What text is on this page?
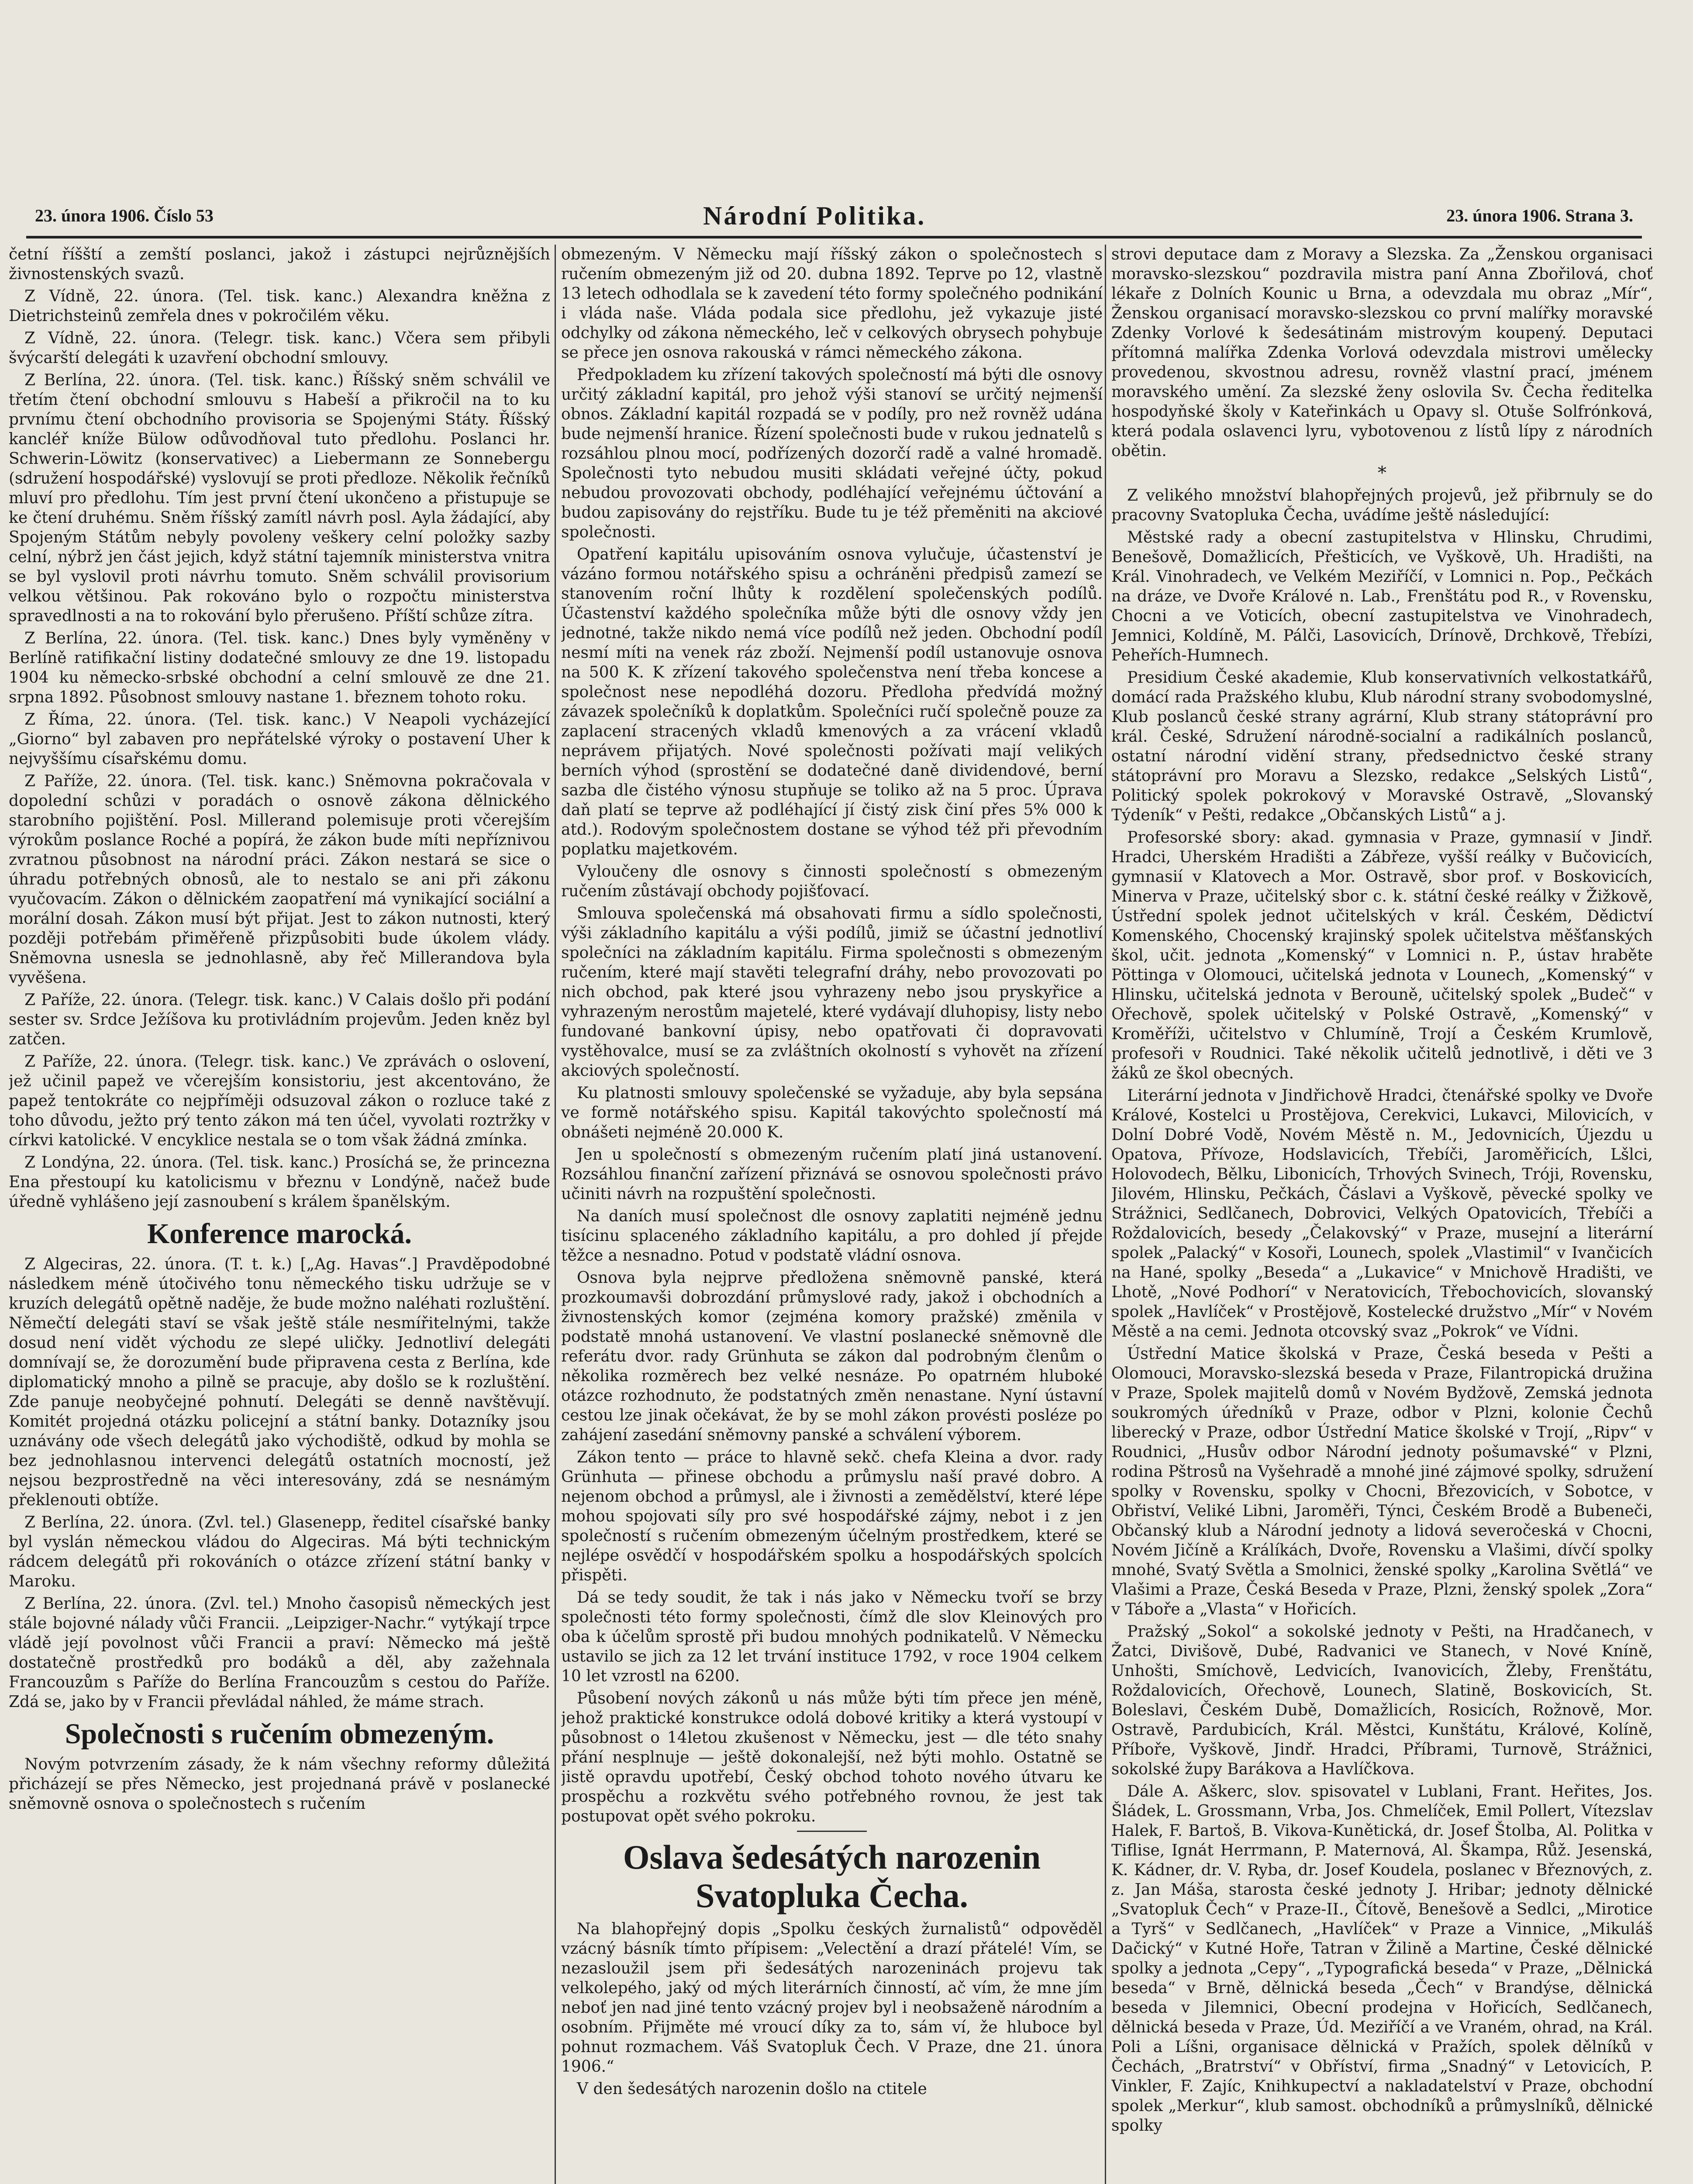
23. února 1906. Číslo 53	Národní Politika.	23. února 1906. Strana 3.

četní říšští a zemští poslanci, jakož i zástupci nejrůznějších živnostenských svazů.

Z Vídně, 22. února. (Tel. tisk. kanc.) Alexandra kněžna z Dietrichsteinů zemřela dnes v pokročilém věku.

Z Vídně, 22. února. (Telegr. tisk. kanc.) Včera sem přibyli švýcarští delegáti k uzavření obchodní smlouvy.

Z Berlína, 22. února. (Tel. tisk. kanc.) Říšský sněm schválil ve třetím čtení obchodní smlouvu s Habeší a přikročil na to ku prvnímu čtení obchodního provisoria se Spojenými Státy. Říšský kancléř kníže Bülow odůvodňoval tuto předlohu. Poslanci hr. Schwerin-Löwitz (konservativec) a Liebermann ze Sonnebergu (sdružení hospodářské) vyslovují se proti předloze. Několik řečníků mluví pro předlohu. Tím jest první čtení ukončeno a přistupuje se ke čtení druhému. Sněm říšský zamítl návrh posl. Ayla žádající, aby Spojeným Státům nebyly povoleny veškery celní položky sazby celní, nýbrž jen část jejich, když státní tajemník ministerstva vnitra se byl vyslovil proti návrhu tomuto. Sněm schválil provisorium velkou většinou. Pak rokováno bylo o rozpočtu ministerstva spravedlnosti a na to rokování bylo přerušeno. Příští schůze zítra.

Z Berlína, 22. února. (Tel. tisk. kanc.) Dnes byly vyměněny v Berlíně ratifikační listiny dodatečné smlouvy ze dne 19. listopadu 1904 ku německo-srbské obchodní a celní smlouvě ze dne 21. srpna 1892. Působnost smlouvy nastane 1. březnem tohoto roku.

Z Říma, 22. února. (Tel. tisk. kanc.) V Neapoli vycházející „Giorno“ byl zabaven pro nepřátelské výroky o postavení Uher k nejvyššímu císařskému domu.

Z Paříže, 22. února. (Tel. tisk. kanc.) Sněmovna pokračovala v dopolední schůzi v poradách o osnově zákona dělnického starobního pojištění. Posl. Millerand polemisuje proti včerejším výrokům poslance Roché a popírá, že zákon bude míti nepříznivou zvratnou působnost na národní práci. Zákon nestará se sice o úhradu potřebných obnosů, ale to nestalo se ani při zákonu vyučovacím. Zákon o dělnickém zaopatření má vynikající sociální a morální dosah. Zákon musí být přijat. Jest to zákon nutnosti, který později potřebám přiměřeně přizpůsobiti bude úkolem vlády. Sněmovna usnesla se jednohlasně, aby řeč Millerandova byla vyvěšena.

Z Paříže, 22. února. (Telegr. tisk. kanc.) V Calais došlo při podání sester sv. Srdce Ježíšova ku protivládním projevům. Jeden kněz byl zatčen.

Z Paříže, 22. února. (Telegr. tisk. kanc.) Ve zprávách o oslovení, jež učinil papež ve včerejším konsistoriu, jest akcentováno, že papež tentokráte co nejpříměji odsuzoval zákon o rozluce také z toho důvodu, ježto prý tento zákon má ten účel, vyvolati roztržky v církvi katolické. V encyklice nestala se o tom však žádná zmínka.

Z Londýna, 22. února. (Tel. tisk. kanc.) Prosíchá se, že princezna Ena přestoupí ku katolicismu v březnu v Londýně, načež bude úředně vyhlášeno její zasnoubení s králem španělským.

Konference marocká.

Z Algeciras, 22. února. (T. t. k.) [„Ag. Havas“.] Pravděpodobné následkem méně útočivého tonu německého tisku udržuje se v kruzích delegátů opětně naděje, že bude možno naléhati rozluštění. Němečtí delegáti staví se však ještě stále nesmířitelnými, takže dosud není vidět východu ze slepé uličky. Jednotliví delegáti domnívají se, že dorozumění bude připravena cesta z Berlína, kde diplomatický mnoho a pilně se pracuje, aby došlo se k rozluštění. Zde panuje neobyčejné pohnutí. Delegáti se denně navštěvují. Komitét projedná otázku policejní a státní banky. Dotazníky jsou uznávány ode všech delegátů jako východiště, odkud by mohla se bez jednohlasnou intervenci delegátů ostatních mocností, jež nejsou bezprostředně na věci interesovány, zdá se nesnámým překlenouti obtíže.

Z Berlína, 22. února. (Zvl. tel.) Glasenepp, ředitel císařské banky byl vyslán německou vládou do Algeciras. Má býti technickým rádcem delegátů při rokováních o otázce zřízení státní banky v Maroku.

Z Berlína, 22. února. (Zvl. tel.) Mnoho časopisů německých jest stále bojovné nálady vůči Francii. „Leipziger-Nachr.“ vytýkají trpce vládě její povolnost vůči Francii a praví: Německo má ještě dostatečně prostředků pro bodáků a děl, aby zažehnala Francouzům s Paříže do Berlína Francouzům s cestou do Paříže. Zdá se, jako by v Francii převládal náhled, že máme strach.

Společnosti s ručením obmezeným.

Novým potvrzením zásady, že k nám všechny reformy důležitá přicházejí se přes Německo, jest projednaná právě v poslanecké sněmovně osnova o společnostech s ručením

obmezeným. V Německu mají říšský zákon o společnostech s ručením obmezeným již od 20. dubna 1892. Teprve po 12, vlastně 13 letech odhodlala se k zavedení této formy společného podnikání i vláda naše. Vláda podala sice předlohu, jež vykazuje jisté odchylky od zákona německého, leč v celkových obrysech pohybuje se přece jen osnova rakouská v rámci německého zákona.

Předpokladem ku zřízení takových společností má býti dle osnovy určitý základní kapitál, pro jehož výši stanoví se určitý nejmenší obnos. Základní kapitál rozpadá se v podíly, pro než rovněž udána bude nejmenší hranice. Řízení společnosti bude v rukou jednatelů s rozsáhlou plnou mocí, podřízených dozorčí radě a valné hromadě. Společnosti tyto nebudou musiti skládati veřejné účty, pokud nebudou provozovati obchody, podléhající veřejnému účtování a budou zapisovány do rejstříku. Bude tu je též přeměniti na akciové společnosti.

Opatření kapitálu upisováním osnova vylučuje, účastenství je vázáno formou notářského spisu a ochráněni předpisů zamezí se stanovením roční lhůty k rozdělení společenských podílů. Účastenství každého společníka může býti dle osnovy vždy jen jednotné, takže nikdo nemá více podílů než jeden. Obchodní podíl nesmí míti na venek ráz zboží. Nejmenší podíl ustanovuje osnova na 500 K. K zřízení takového společenstva není třeba koncese a společnost nese nepodléhá dozoru. Předloha předvídá možný závazek společníků k doplatkům. Společníci ručí společně pouze za zaplacení stracených vkladů kmenových a za vrácení vkladů neprávem přijatých. Nové společnosti požívati mají velikých berních výhod (sprostění se dodatečné daně dividendové, berní sazba dle čistého výnosu stupňuje se toliko až na 5 proc. Úprava daň platí se teprve až podléhající jí čistý zisk činí přes 5% 000 k atd.). Rodovým společnostem dostane se výhod též při převodním poplatku majetkovém.

Vyloučeny dle osnovy s činnosti společností s obmezeným ručením zůstávají obchody pojišťovací.

Smlouva společenská má obsahovati firmu a sídlo společnosti, výši základního kapitálu a výši podílů, jimiž se účastní jednotliví společníci na základním kapitálu. Firma společnosti s obmezeným ručením, které mají stavěti telegrafní dráhy, nebo provozovati po nich obchod, pak které jsou vyhrazeny nebo jsou pryskyřice a vyhrazeným nerostům majetelé, které vydávají dluhopisy, listy nebo fundované bankovní úpisy, nebo opatřovati či dopravovati vystěhovalce, musí se za zvláštních okolností s vyhovět na zřízení akciových společností.

Ku platnosti smlouvy společenské se vyžaduje, aby byla sepsána ve formě notářského spisu. Kapitál takovýchto společností má obnášeti nejméně 20.000 K.

Jen u společností s obmezeným ručením platí jiná ustanovení. Rozsáhlou finanční zařízení přiznává se osnovou společnosti právo učiniti návrh na rozpuštění společnosti.

Na daních musí společnost dle osnovy zaplatiti nejméně jednu tisícinu splaceného základního kapitálu, a pro dohled jí přejde těžce a nesnadno. Potud v podstatě vládní osnova.

Osnova byla nejprve předložena sněmovně panské, která prozkoumavši dobrozdání průmyslové rady, jakož i obchodních a živnostenských komor (zejména komory pražské) změnila v podstatě mnohá ustanovení. Ve vlastní poslanecké sněmovně dle referátu dvor. rady Grünhuta se zákon dal podrobným členům o několika rozměrech bez velké nesnáze. Po opatrném hluboké otázce rozhodnuto, že podstatných změn nenastane. Nyní ústavní cestou lze jinak očekávat, že by se mohl zákon provésti posléze po zahájení zasedání sněmovny panské a schválení výborem.

Zákon tento — práce to hlavně sekč. chefa Kleina a dvor. rady Grünhuta — přinese obchodu a průmyslu naší pravé dobro. A nejenom obchod a průmysl, ale i živnosti a zemědělství, které lépe mohou spojovati síly pro své hospodářské zájmy, nebot i z jen společností s ručením obmezeným účelným prostředkem, které se nejlépe osvědčí v hospodářském spolku a hospodářských spolcích přispěti.

Dá se tedy soudit, že tak i nás jako v Německu tvoří se brzy společnosti této formy společnosti, čímž dle slov Kleinových pro oba k účelům sprostě při budou mnohých podnikatelů. V Německu ustavilo se jich za 12 let trvání instituce 1792, v roce 1904 celkem 10 let vzrostl na 6200.

Působení nových zákonů u nás může býti tím přece jen méně, jehož praktické konstrukce odolá dobové kritiky a která vystoupí v působnost o 14letou zkušenost v Německu, jest — dle této snahy přání nesplnuje — ještě dokonalejší, než býti mohlo. Ostatně se jistě opravdu upotřebí, Český obchod tohoto nového útvaru ke prospěchu a rozkvětu svého potřebného rovnou, že jest tak postupovat opět svého pokroku.

Oslava šedesátých narozenin Svatopluka Čecha.

Na blahopřejný dopis „Spolku českých žurnalistů“ odpověděl vzácný básník tímto přípisem: „Velectění a drazí přátelé! Vím, se nezasloužil jsem při šedesátých narozeninách projevu tak velkolepého, jaký od mých literárních činností, ač vím, že mne jím neboť jen nad jiné tento vzácný projev byl i neobsaženě národním a osobním. Přijměte mé vroucí díky za to, sám ví, že hluboce byl pohnut rozmachem. Váš Svatopluk Čech. V Praze, dne 21. února 1906.“

V den šedesátých narozenin došlo na ctitele

strovi deputace dam z Moravy a Slezska. Za „Ženskou organisaci moravsko-slezskou“ pozdravila mistra paní Anna Zbořilová, choť lékaře z Dolních Kounic u Brna, a odevzdala mu obraz „Mír“, Ženskou organisací moravsko-slezskou co první malířky moravské Zdenky Vorlové k šedesátinám mistrovým koupený. Deputaci přítomná malířka Zdenka Vorlová odevzdala mistrovi umělecky provedenou, skvostnou adresu, rovněž vlastní prací, jménem moravského umění. Za slezské ženy oslovila Sv. Čecha ředitelka hospodyňské školy v Kateřinkách u Opavy sl. Otuše Solfrónková, která podala oslavenci lyru, vybotovenou z lístů lípy z národních obětin.

*

Z velikého množství blahopřejných projevů, jež přibrnuly se do pracovny Svatopluka Čecha, uvádíme ještě následující:

Městské rady a obecní zastupitelstva v Hlinsku, Chrudimi, Benešově, Domažlicích, Přešticích, ve Vyškově, Uh. Hradišti, na Král. Vinohradech, ve Velkém Meziříčí, v Lomnici n. Pop., Pečkách na dráze, ve Dvoře Králové n. Lab., Frenštátu pod R., v Rovensku, Chocni a ve Voticích, obecní zastupitelstva ve Vinohradech, Jemnici, Koldíně, M. Pálči, Lasovicích, Drínově, Drchkově, Třebízi, Peheřích-Humnech.

Presidium České akademie, Klub konservativních velkostatkářů, domácí rada Pražského klubu, Klub národní strany svobodomyslné, Klub poslanců české strany agrární, Klub strany státoprávní pro král. České, Sdružení národně-socialní a radikálních poslanců, ostatní národní vidění strany, předsednictvo české strany státoprávní pro Moravu a Slezsko, redakce „Selských Listů“, Politický spolek pokrokový v Moravské Ostravě, „Slovanský Týdeník“ v Pešti, redakce „Občanských Listů“ a j.

Profesorské sbory: akad. gymnasia v Praze, gymnasií v Jindř. Hradci, Uherském Hradišti a Zábřeze, vyšší reálky v Bučovicích, gymnasií v Klatovech a Mor. Ostravě, sbor prof. v Boskovicích, Minerva v Praze, učitelský sbor c. k. státní české reálky v Žižkově, Ústřední spolek jednot učitelských v král. Českém, Dědictví Komenského, Chocenský krajinský spolek učitelstva měšťanských škol, učit. jednota „Komenský“ v Lomnici n. P., ústav hraběte Pöttinga v Olomouci, učitelská jednota v Lounech, „Komenský“ v Hlinsku, učitelská jednota v Berouně, učitelský spolek „Budeč“ v Ořechově, spolek učitelský v Polské Ostravě, „Komenský“ v Kroměříži, učitelstvo v Chlumíně, Trojí a Českém Krumlově, profesoři v Roudnici. Také několik učitelů jednotlivě, i děti ve 3 žáků ze škol obecných.

Literární jednota v Jindřichově Hradci, čtenářské spolky ve Dvoře Králové, Kostelci u Prostějova, Cerekvici, Lukavci, Milovicích, v Dolní Dobré Vodě, Novém Městě n. M., Jedovnicích, Újezdu u Opatova, Přívoze, Hodslavicích, Třebíči, Jaroměřicích, Lšlci, Holovodech, Bělku, Libonicích, Trhových Svinech, Tróji, Rovensku, Jilovém, Hlinsku, Pečkách, Čáslavi a Vyškově, pěvecké spolky ve Strážnici, Sedlčanech, Dobrovici, Velkých Opatovicích, Třebíči a Roždalovicích, besedy „Čelakovský“ v Praze, musejní a literární spolek „Palacký“ v Kosoři, Lounech, spolek „Vlastimil“ v Ivančicích na Hané, spolky „Beseda“ a „Lukavice“ v Mnichově Hradišti, ve Lhotě, „Nové Podhorí“ v Neratovicích, Třebochovicích, slovanský spolek „Havlíček“ v Prostějově, Kostelecké družstvo „Mír“ v Novém Městě a na cemi. Jednota otcovský svaz „Pokrok“ ve Vídni.

Ústřední Matice školská v Praze, Česká beseda v Pešti a Olomouci, Moravsko-slezská beseda v Praze, Filantropická družina v Praze, Spolek majitelů domů v Novém Bydžově, Zemská jednota soukromých úředníků v Praze, odbor v Plzni, kolonie Čechů liberecký v Praze, odbor Ústřední Matice školské v Trojí, „Ripv“ v Roudnici, „Husův odbor Národní jednoty pošumavské“ v Plzni, rodina Pštrosů na Vyšehradě a mnohé jiné zájmové spolky, sdružení spolky v Rovensku, spolky v Chocni, Březovicích, v Sobotce, v Obřiství, Veliké Libni, Jaroměři, Týnci, Českém Brodě a Bubeneči, Občanský klub a Národní jednoty a lidová severočeská v Chocni, Novém Jičíně a Králíkách, Dvoře, Rovensku a Vlašimi, dívčí spolky mnohé, Svatý Světla a Smolnici, ženské spolky „Karolina Světlá“ ve Vlašimi a Praze, Česká Beseda v Praze, Plzni, ženský spolek „Zora“ v Táboře a „Vlasta“ v Hořicích.

Pražský „Sokol“ a sokolské jednoty v Pešti, na Hradčanech, v Žatci, Divišově, Dubé, Radvanici ve Stanech, v Nové Kníně, Unhošti, Smíchově, Ledvicích, Ivanovicích, Žleby, Frenštátu, Roždalovicích, Ořechově, Lounech, Slatině, Boskovicích, St. Boleslavi, Českém Dubě, Domažlicích, Rosicích, Rožnově, Mor. Ostravě, Pardubicích, Král. Městci, Kunštátu, Králové, Kolíně, Příboře, Vyškově, Jindř. Hradci, Příbrami, Turnově, Strážnici, sokolské župy Barákova a Havlíčkova.

Dále A. Aškerc, slov. spisovatel v Lublani, Frant. Heřites, Jos. Šládek, L. Grossmann, Vrba, Jos. Chmelíček, Emil Pollert, Vítezslav Halek, F. Bartoš, B. Vikova-Kunětická, dr. Josef Štolba, Al. Politka v Tiflise, Ignát Herrmann, P. Maternová, Al. Škampa, Růž. Jesenská, K. Kádner, dr. V. Ryba, dr. Josef Koudela, poslanec v Březnových, z. z. Jan Máša, starosta české jednoty J. Hribar; jednoty dělnické „Svatopluk Čech“ v Praze-II., Čítově, Benešově a Sedlci, „Mirotice a Tyrš“ v Sedlčanech, „Havlíček“ v Praze a Vinnice, „Mikuláš Dačický“ v Kutné Hoře, Tatran v Žilině a Martine, České dělnické spolky a jednota „Cepy“, „Typografická beseda“ v Praze, „Dělnická beseda“ v Brně, dělnická beseda „Čech“ v Brandýse, dělnická beseda v Jilemnici, Obecní prodejna v Hořicích, Sedlčanech, dělnická beseda v Praze, Úd. Meziříčí a ve Vraném, ohrad, na Král. Poli a Líšni, organisace dělnická v Pražích, spolek dělníků v Čechách, „Bratrství“ v Obříství, firma „Snadný“ v Letovicích, P. Vinkler, F. Zajíc, Knihkupectví a nakladatelství v Praze, obchodní spolek „Merkur“, klub samost. obchodníků a průmyslníků, dělnické spolky
